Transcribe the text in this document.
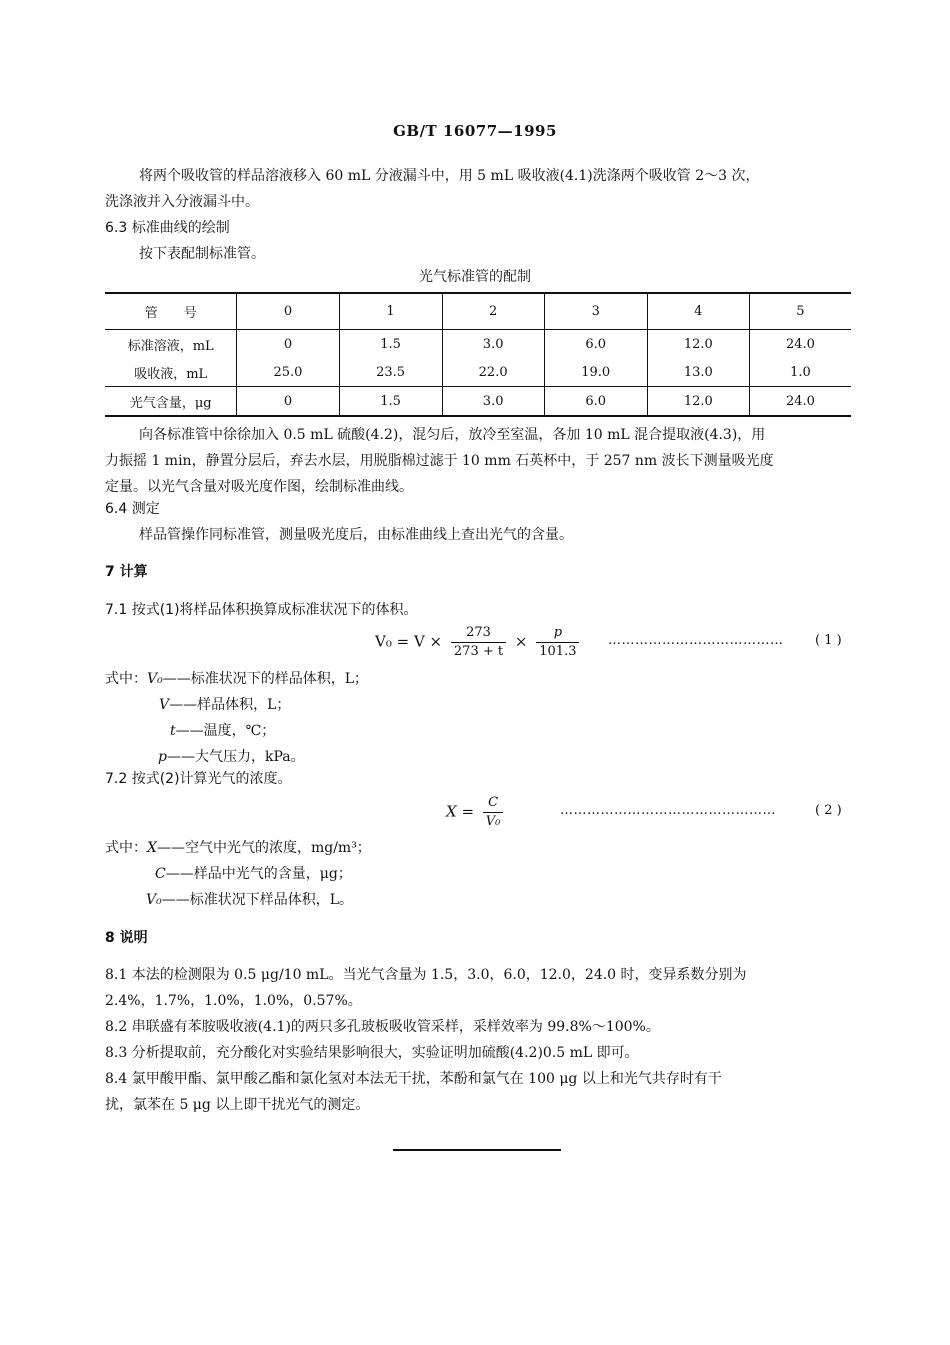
GB/T 16077—1995
将两个吸收管的样品溶液移入 60 mL 分液漏斗中，用 5 mL 吸收液(4.1)洗涤两个吸收管 2～3 次，
洗涤液并入分液漏斗中。
6.3 标准曲线的绘制
按下表配制标准管。
光气标准管的配制
管　　号	0	1	2	3	4	5
标准溶液，mL	0	1.5	3.0	6.0	12.0	24.0
吸收液，mL	25.0	23.5	22.0	19.0	13.0	1.0
光气含量，μg	0	1.5	3.0	6.0	12.0	24.0
向各标准管中徐徐加入 0.5 mL 硫酸(4.2)，混匀后，放冷至室温，各加 10 mL 混合提取液(4.3)，用
力振摇 1 min，静置分层后，弃去水层，用脱脂棉过滤于 10 mm 石英杯中，于 257 nm 波长下测量吸光度
定量。以光气含量对吸光度作图，绘制标准曲线。
6.4 测定
样品管操作同标准管，测量吸光度后，由标准曲线上查出光气的含量。
7 计算
7.1 按式(1)将样品体积换算成标准状况下的体积。
$V_0 = V \times \frac{273}{273 + t} \times \frac{p}{101.3}$ ………………………………… ( 1 )
式中：V₀——标准状况下的样品体积，L；
V——样品体积，L；
t——温度，℃；
p——大气压力，kPa。
7.2 按式(2)计算光气的浓度。
$X = \frac{C}{\text{V₀}}$	…………………………………………	( 2 )
式中：X——空气中光气的浓度，mg/m³；
C——样品中光气的含量，μg；
V₀——标准状况下样品体积，L。
8 说明
8.1 本法的检测限为 0.5 μg/10 mL。当光气含量为 1.5，3.0，6.0，12.0，24.0 时，变异系数分别为
2.4%，1.7%，1.0%，1.0%，0.57%。
8.2 串联盛有苯胺吸收液(4.1)的两只多孔玻板吸收管采样，采样效率为 99.8%～100%。
8.3 分析提取前，充分酸化对实验结果影响很大，实验证明加硫酸(4.2)0.5 mL 即可。
8.4 氯甲酸甲酯、氯甲酸乙酯和氯化氢对本法无干扰，苯酚和氯气在 100 μg 以上和光气共存时有干
扰，氯苯在 5 μg 以上即干扰光气的测定。
